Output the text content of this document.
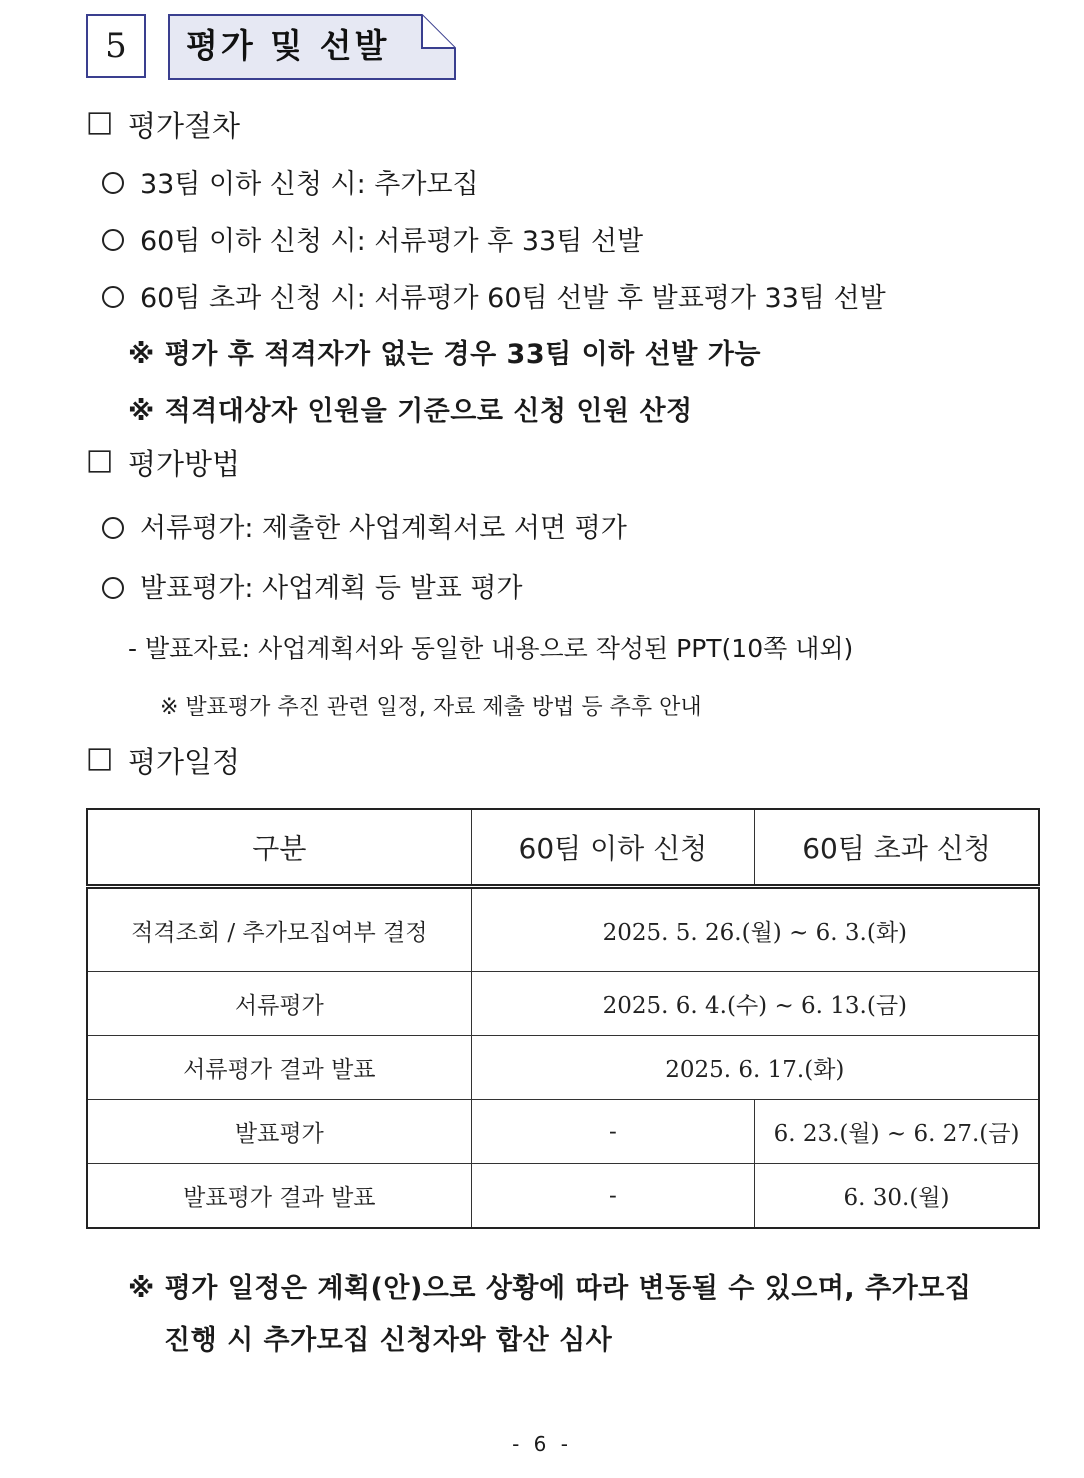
5	평가 및 선발
□ 평가절차
33팀 이하 신청 시: 추가모집
60팀 이하 신청 시: 서류평가 후 33팀 선발
60팀 초과 신청 시: 서류평가 60팀 선발 후 발표평가 33팀 선발
※ 평가 후 적격자가 없는 경우 33팀 이하 선발 가능
※ 적격대상자 인원을 기준으로 신청 인원 산정
□ 평가방법
서류평가: 제출한 사업계획서로 서면 평가
발표평가: 사업계획 등 발표 평가
- 발표자료: 사업계획서와 동일한 내용으로 작성된 PPT(10쪽 내외)
※ 발표평가 추진 관련 일정, 자료 제출 방법 등 추후 안내
□ 평가일정
구분	60팀 이하 신청	60팀 초과 신청
적격조회 / 추가모집여부 결정	2025. 5. 26.(월) ~ 6. 3.(화)	
서류평가	2025. 6. 4.(수) ~ 6. 13.(금)	
서류평가 결과 발표	2025. 6. 17.(화)	
발표평가	-	6. 23.(월) ~ 6. 27.(금)
발표평가 결과 발표	-	6. 30.(월)
※ 평가 일정은 계획(안)으로 상황에 따라 변동될 수 있으며, 추가모집
진행 시 추가모집 신청자와 합산 심사
- 6 -
